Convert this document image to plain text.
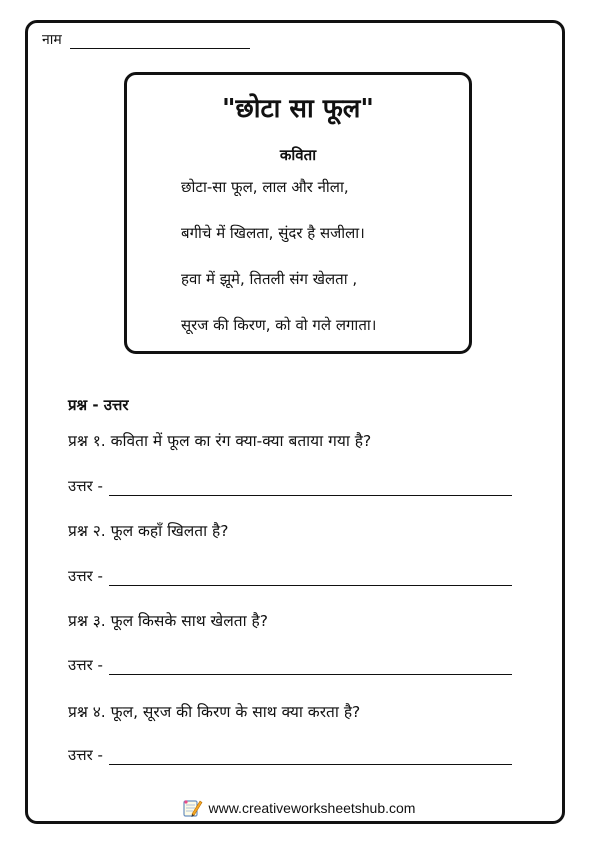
नाम
"छोटा सा फूल"
कविता
छोटा-सा फूल, लाल और नीला,
बगीचे में खिलता, सुंदर है सजीला।
हवा में झूमे, तितली संग खेलता ,
सूरज की किरण, को वो गले लगाता।
प्रश्न - उत्तर
प्रश्न १. कविता में फूल का रंग क्या-क्या बताया गया है?
उत्तर -
प्रश्न २. फूल कहाँ खिलता है?
उत्तर -
प्रश्न ३. फूल किसके साथ खेलता है?
उत्तर -
प्रश्न ४. फूल, सूरज की किरण के साथ क्या करता है?
उत्तर -
www.creativeworksheetshub.com
